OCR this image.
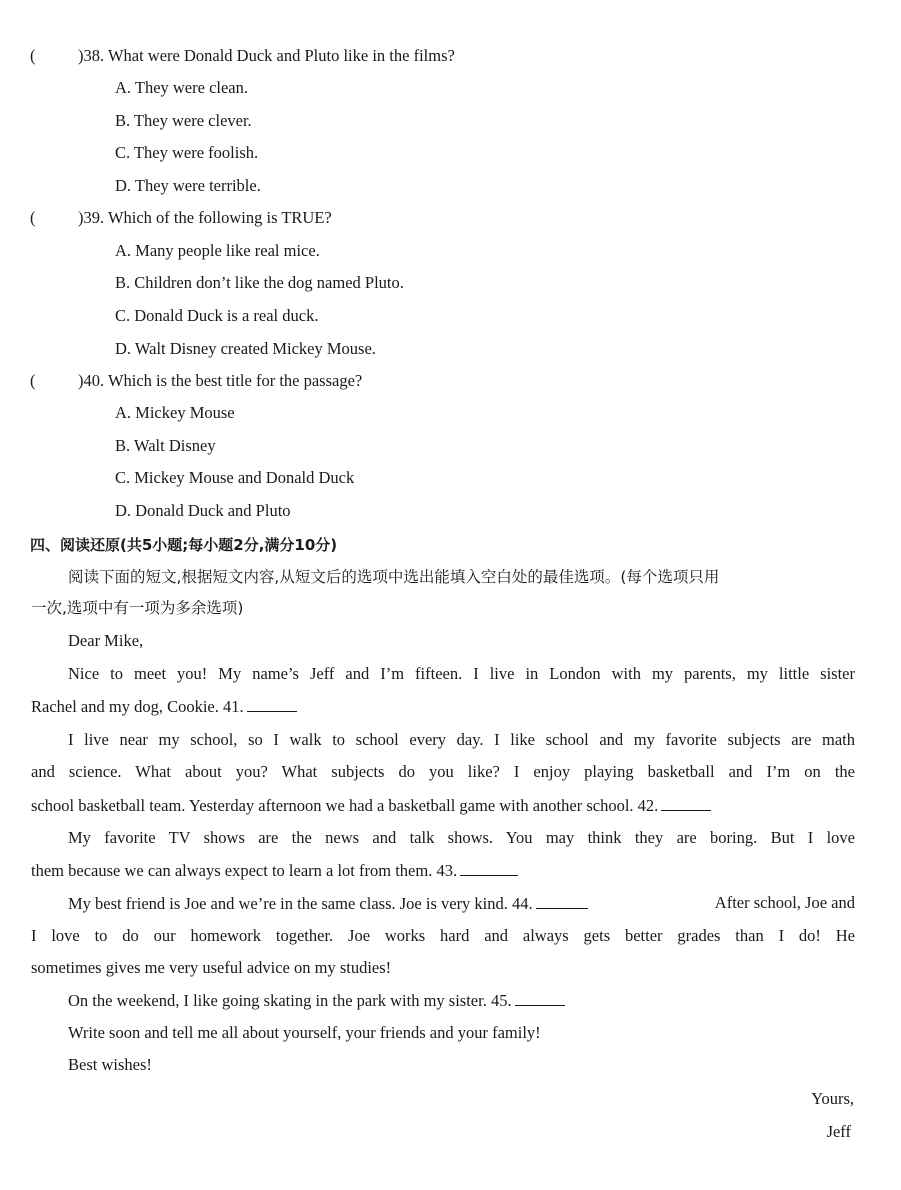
(	)38. What were Donald Duck and Pluto like in the films?
A. They were clean.
B. They were clever.
C. They were foolish.
D. They were terrible.
(	)39. Which of the following is TRUE?
A. Many people like real mice.
B. Children don’t like the dog named Pluto.
C. Donald Duck is a real duck.
D. Walt Disney created Mickey Mouse.
(	)40. Which is the best title for the passage?
A. Mickey Mouse
B. Walt Disney
C. Mickey Mouse and Donald Duck
D. Donald Duck and Pluto
四、阅读还原(共5小题;每小题2分,满分10分)
阅读下面的短文,根据短文内容,从短文后的选项中选出能填入空白处的最佳选项。(每个选项只用
一次,选项中有一项为多余选项)
Dear Mike,
Nice to meet you! My name’s Jeff and I’m fifteen. I live in London with my parents, my little sister
Rachel and my dog, Cookie. 41.
I live near my school, so I walk to school every day. I like school and my favorite subjects are math
and science. What about you? What subjects do you like? I enjoy playing basketball and I’m on the
school basketball team. Yesterday afternoon we had a basketball game with another school. 42.
My favorite TV shows are the news and talk shows. You may think they are boring. But I love
them because we can always expect to learn a lot from them. 43.
My best friend is Joe and we’re in the same class. Joe is very kind. 44.	After school, Joe and
I love to do our homework together. Joe works hard and always gets better grades than I do! He
sometimes gives me very useful advice on my studies!
On the weekend, I like going skating in the park with my sister. 45.
Write soon and tell me all about yourself, your friends and your family!
Best wishes!
Yours,
Jeff
